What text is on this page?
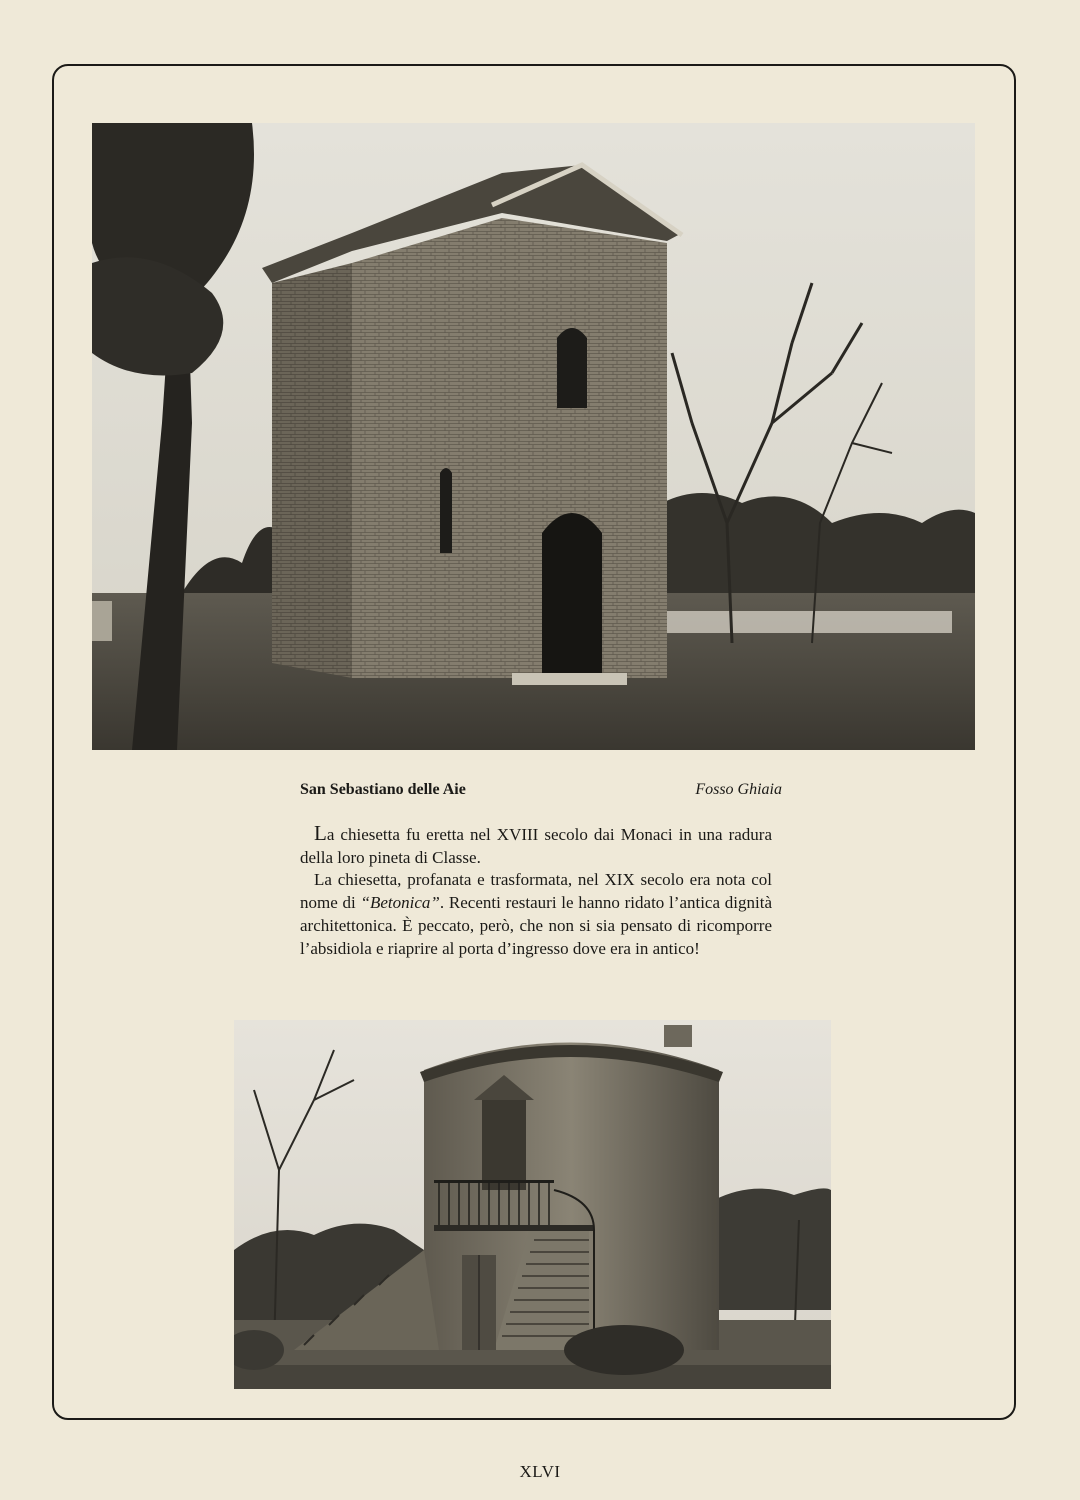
San Sebastiano delle Aie	Fosso Ghiaia

La chiesetta fu eretta nel XVIII secolo dai Monaci in una radura della loro pineta di Classe.

La chiesetta, profanata e trasformata, nel XIX secolo era nota col nome di “Betonica”. Recenti restauri le hanno ridato l’antica dignità architettonica. È peccato, però, che non si sia pensato di ricomporre l’absidiola e riaprire al porta d’ingresso dove era in antico!

XLVI
